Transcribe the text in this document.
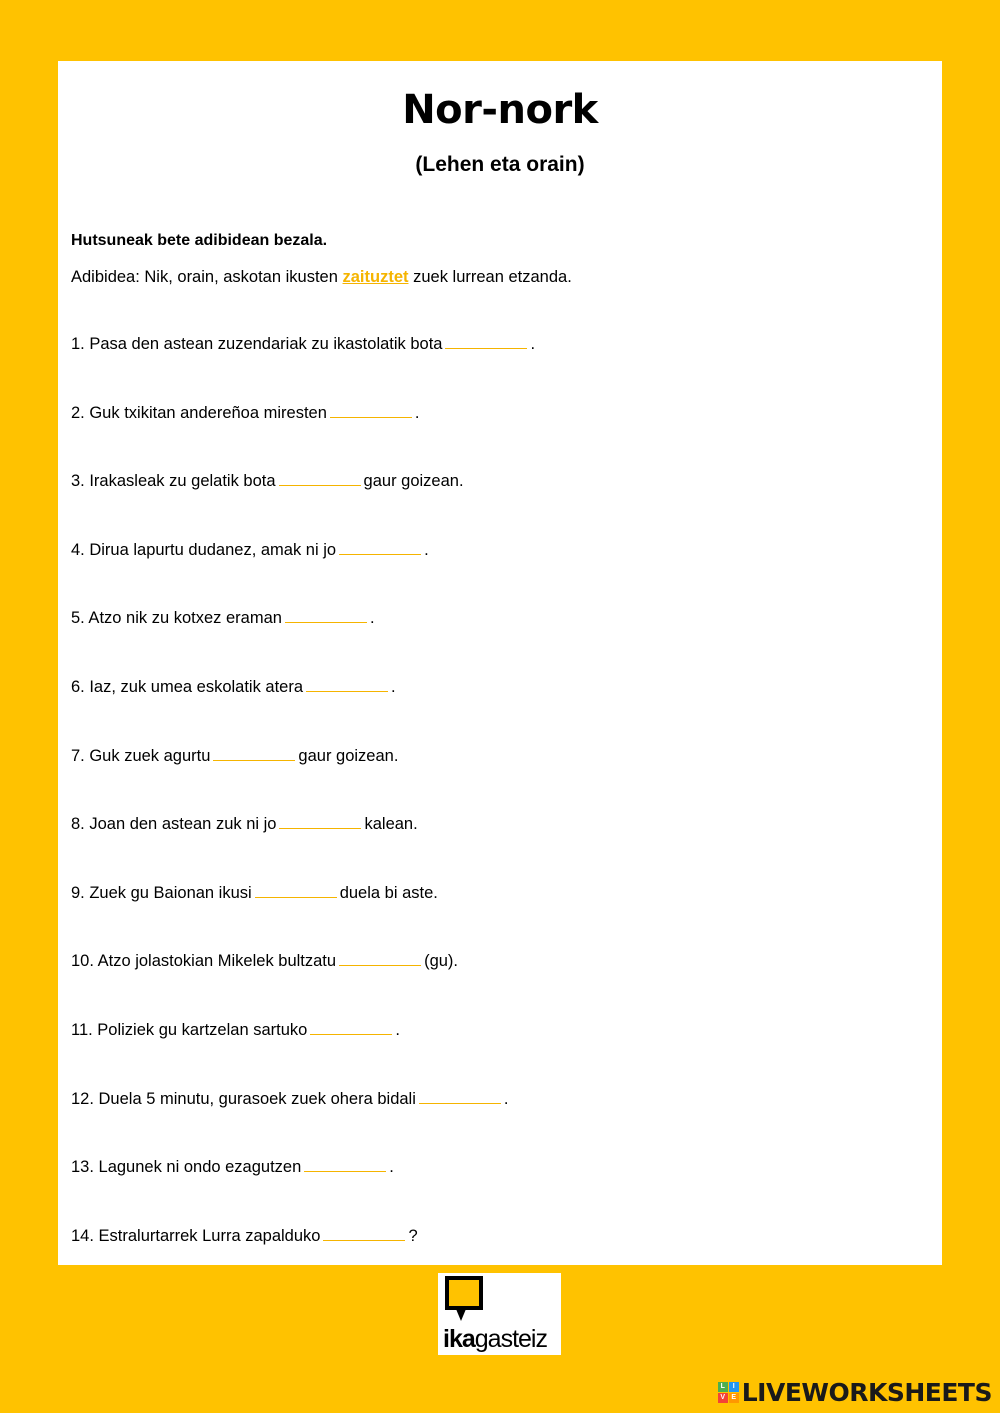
Nor-nork
(Lehen eta orain)
Hutsuneak bete adibidean bezala.
Adibidea: Nik, orain, askotan ikusten zaituztet zuek lurrean etzanda.
1. Pasa den astean zuzendariak zu ikastolatik bota	.
2. Guk txikitan andereñoa miresten	.
3. Irakasleak zu gelatik bota	gaur goizean.
4. Dirua lapurtu dudanez, amak ni jo	.
5. Atzo nik zu kotxez eraman	.
6. Iaz, zuk umea eskolatik atera	.
7. Guk zuek agurtu	gaur goizean.
8. Joan den astean zuk ni jo	kalean.
9. Zuek gu Baionan ikusi	duela bi aste.
10. Atzo jolastokian Mikelek bultzatu	(gu).
11. Poliziek gu kartzelan sartuko	.
12. Duela 5 minutu, gurasoek zuek ohera bidali	.
13. Lagunek ni ondo ezagutzen	.
14. Estralurtarrek Lurra zapalduko	?
ikagasteiz
L	I
V E LIVEWORKSHEETS
